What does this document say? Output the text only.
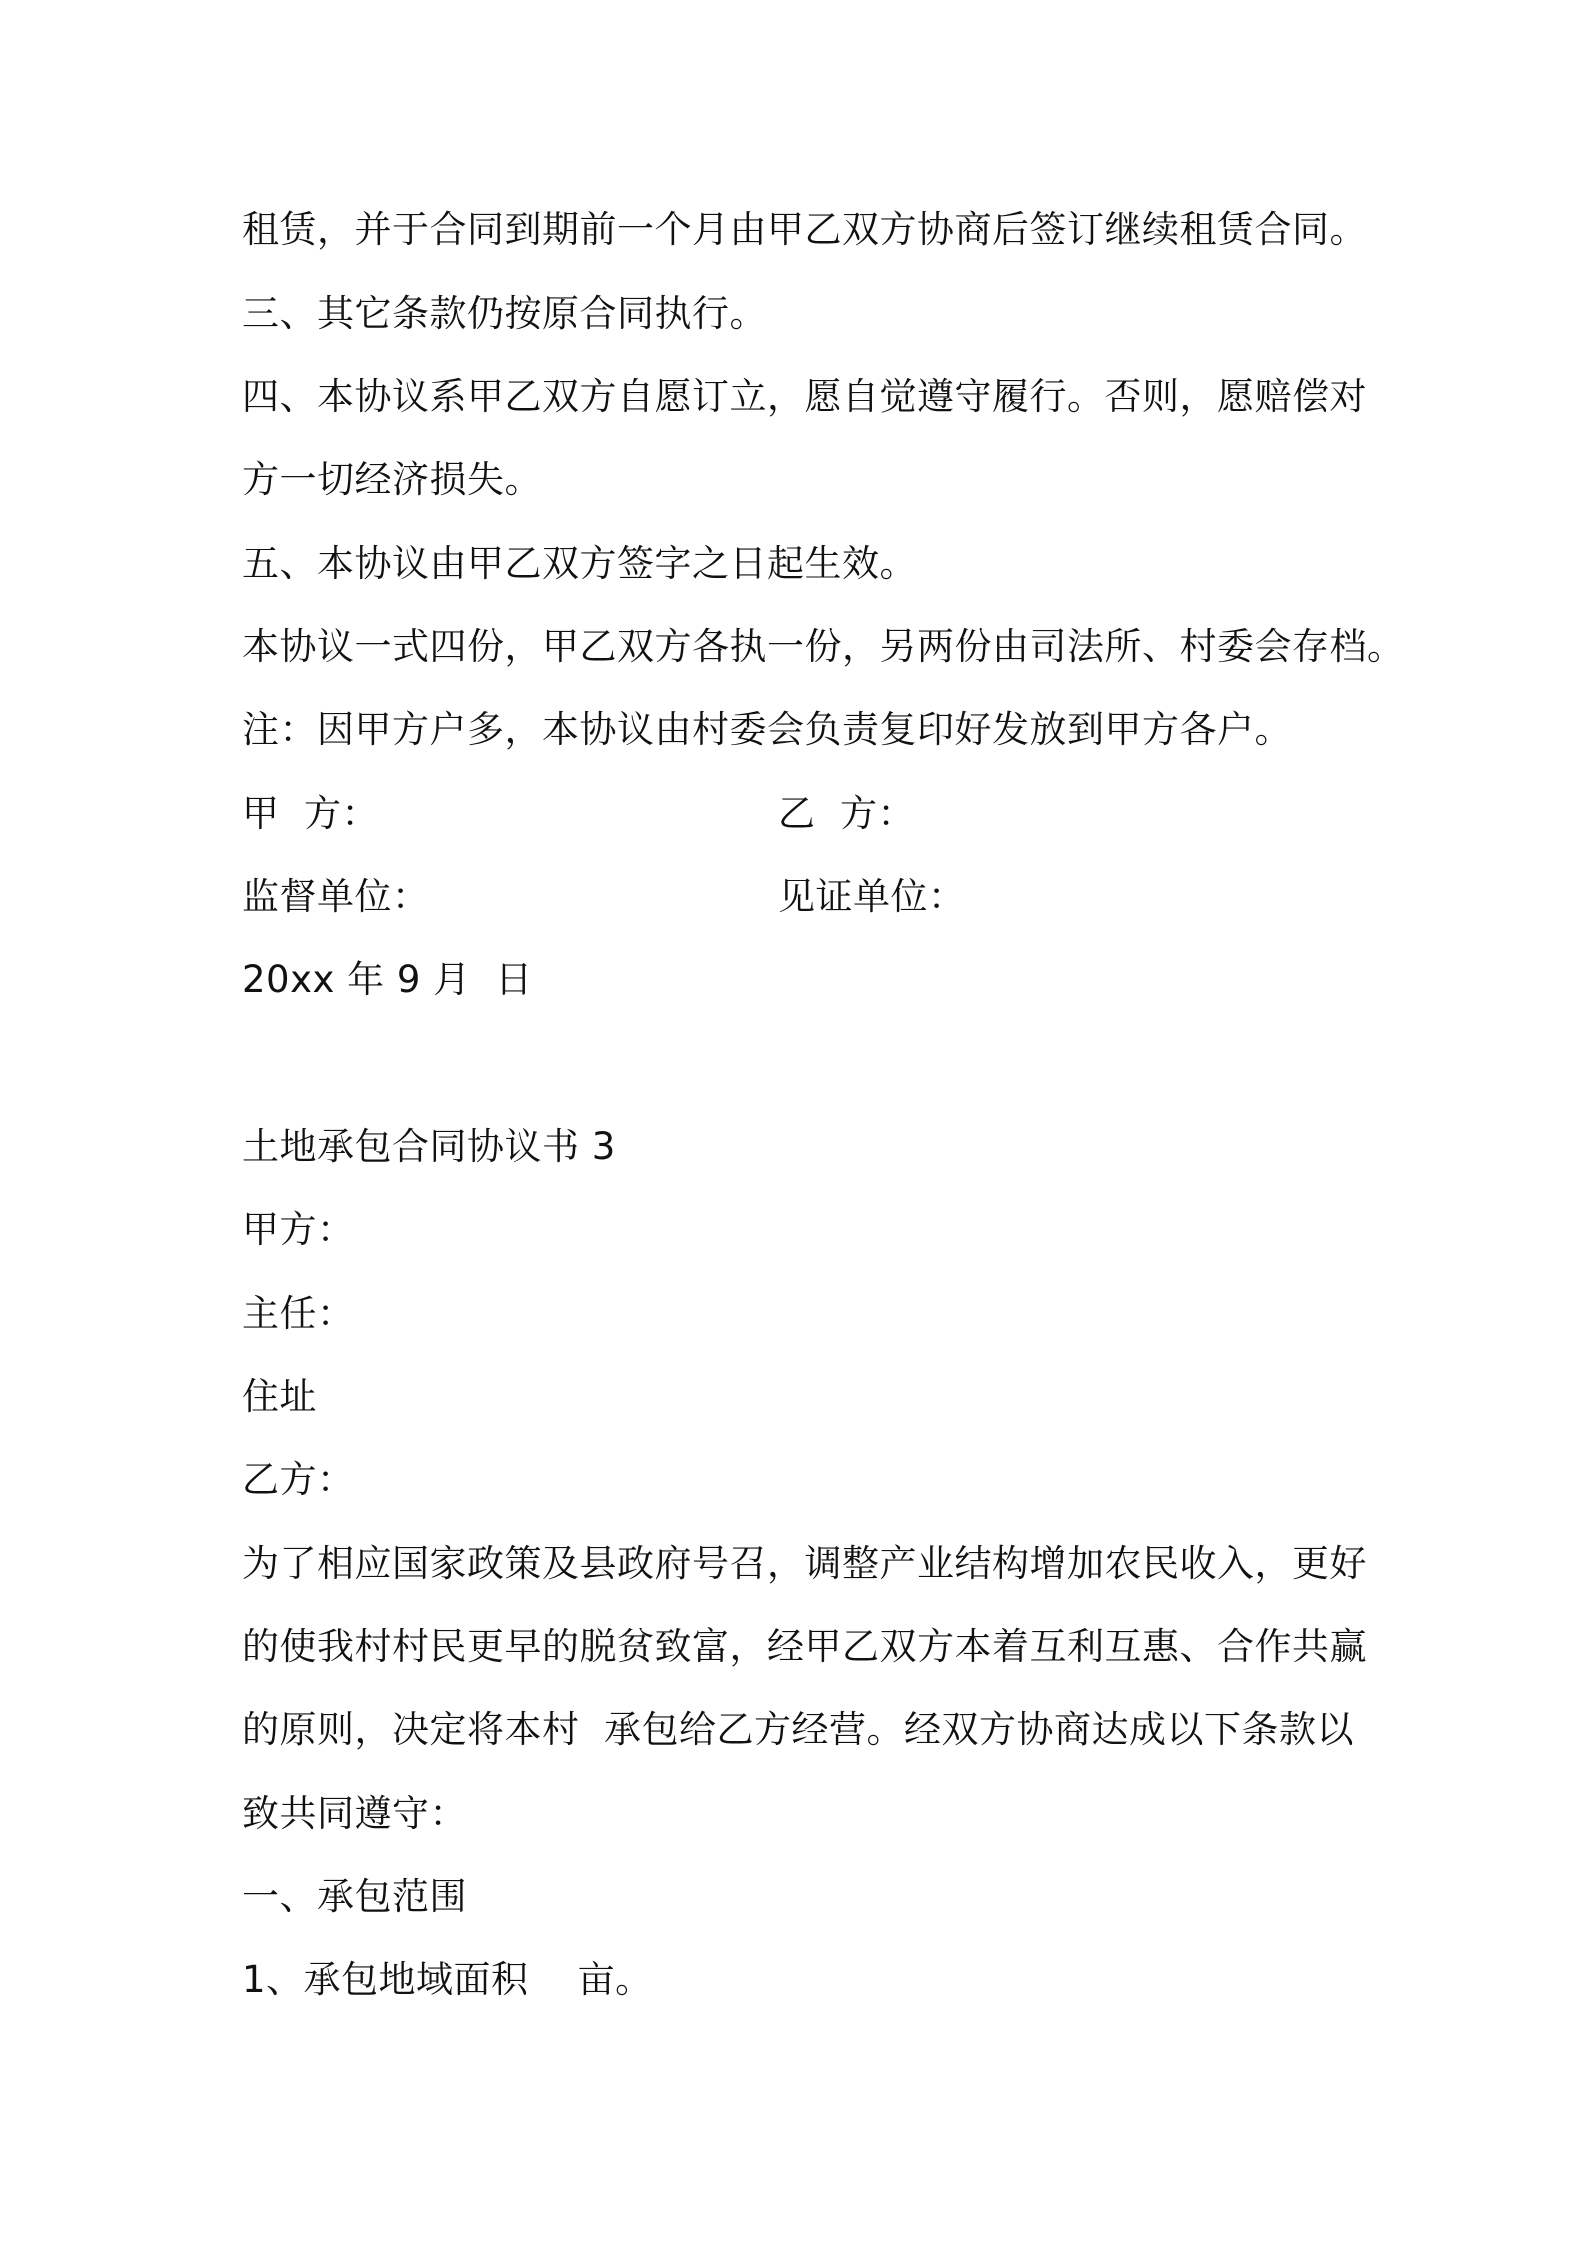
租赁，并于合同到期前一个月由甲乙双方协商后签订继续租赁合同。
三、其它条款仍按原合同执行。
四、本协议系甲乙双方自愿订立，愿自觉遵守履行。否则，愿赔偿对
方一切经济损失。
五、本协议由甲乙双方签字之日起生效。
本协议一式四份，甲乙双方各执一份，另两份由司法所、村委会存档。
注：因甲方户多，本协议由村委会负责复印好发放到甲方各户。
甲  方：	乙  方：
监督单位：	见证单位：
20xx 年 9 月  日
土地承包合同协议书 3
甲方：
主任：
住址
乙方：
为了相应国家政策及县政府号召，调整产业结构增加农民收入，更好
的使我村村民更早的脱贫致富，经甲乙双方本着互利互惠、合作共赢
的原则，决定将本村  承包给乙方经营。经双方协商达成以下条款以
致共同遵守：
一、承包范围
1、承包地域面积    亩。
